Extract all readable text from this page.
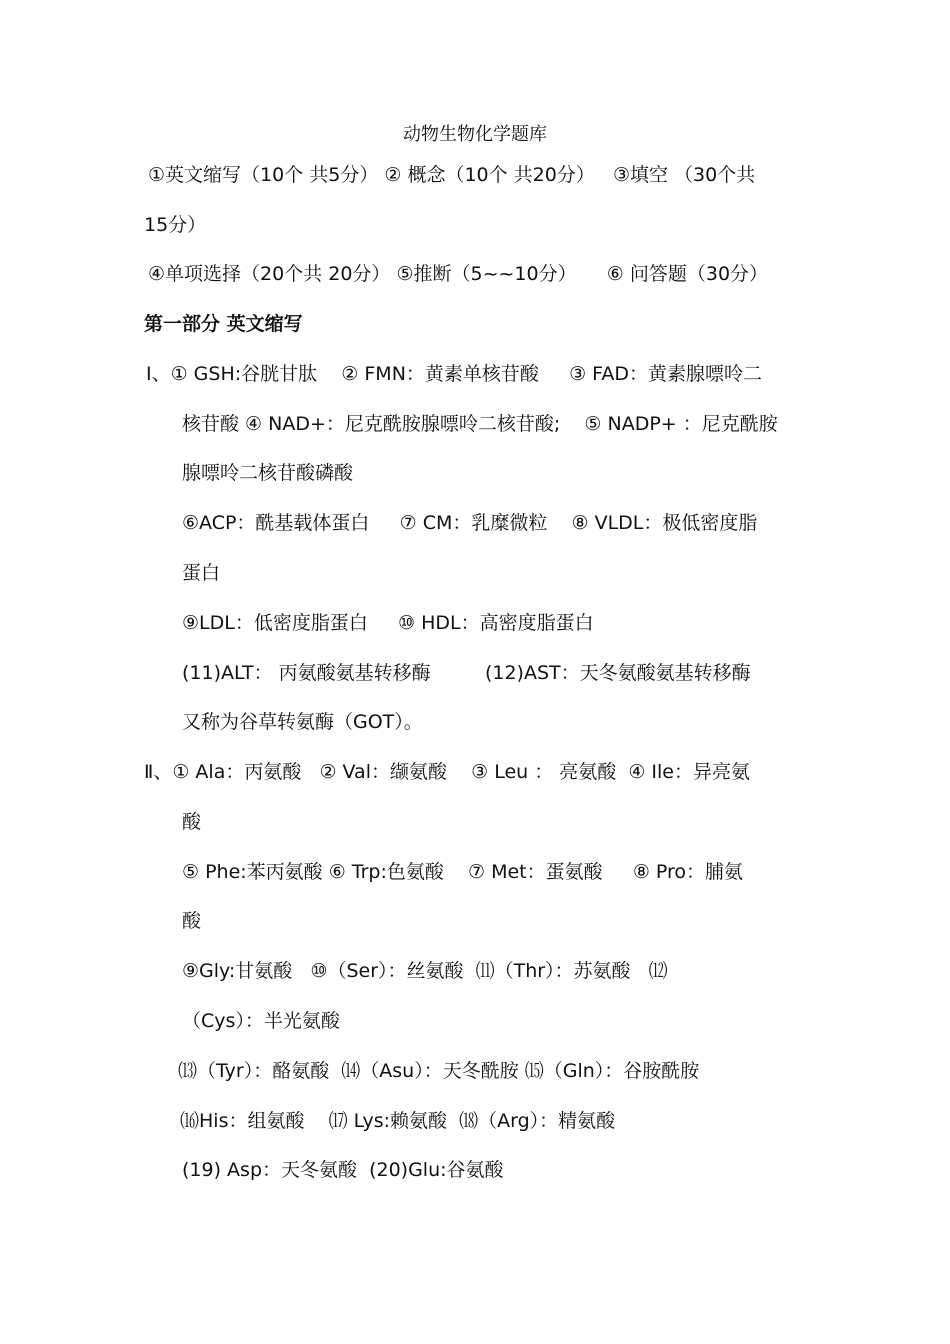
动物生物化学题库
①英文缩写（10个 共5分） ② 概念（10个 共20分）   ③填空 （30个共
15分）
④单项选择（20个共 20分） ⑤推断（5~~10分）     ⑥ 问答题（30分）
第一部分 英文缩写
Ⅰ、① GSH:谷胱甘肽    ② FMN：黄素单核苷酸     ③ FAD：黄素腺嘌呤二
核苷酸 ④ NAD+：尼克酰胺腺嘌呤二核苷酸;    ⑤ NADP+ ：尼克酰胺
腺嘌呤二核苷酸磷酸
⑥ACP：酰基载体蛋白     ⑦ CM：乳糜微粒    ⑧ VLDL：极低密度脂
蛋白
⑨LDL：低密度脂蛋白     ⑩ HDL：高密度脂蛋白
(11)ALT： 丙氨酸氨基转移酶         (12)AST：天冬氨酸氨基转移酶
又称为谷草转氨酶（GOT）。
Ⅱ、① Ala：丙氨酸   ② Val：缬氨酸    ③ Leu ： 亮氨酸  ④ Ile：异亮氨
酸
⑤ Phe:苯丙氨酸 ⑥ Trp:色氨酸    ⑦ Met：蛋氨酸     ⑧ Pro：脯氨
酸
⑨Gly:甘氨酸   ⑩（Ser）：丝氨酸  ⑾（Thr）：苏氨酸   ⑿
（Cys）：半光氨酸
⒀（Tyr）：酪氨酸  ⒁（Asu）：天冬酰胺 ⒂（Gln）：谷胺酰胺
⒃His：组氨酸    ⒄ Lys:赖氨酸  ⒅（Arg）：精氨酸
(19) Asp：天冬氨酸  (20)Glu:谷氨酸
